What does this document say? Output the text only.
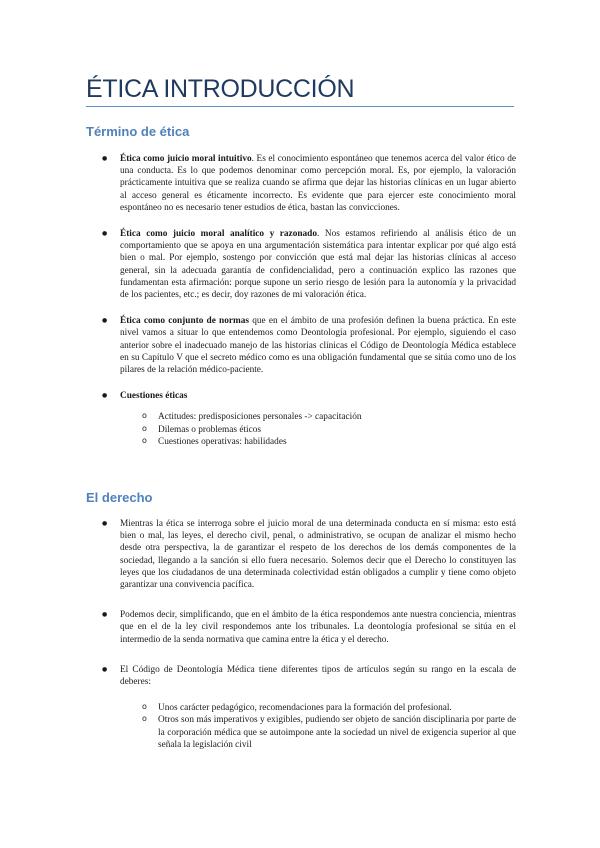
ÉTICA INTRODUCCIÓN
Término de ética
● Ética como juicio moral intuitivo. Es el conocimiento espontáneo que tenemos acerca del valor ético de una conducta. Es lo que podemos denominar como percepción moral. Es, por ejemplo, la valoración prácticamente intuitiva que se realiza cuando se afirma que dejar las historias clínicas en un lugar abierto al acceso general es éticamente incorrecto. Es evidente que para ejercer este conocimiento moral espontáneo no es necesario tener estudios de ética, bastan las convicciones.
● Ética como juicio moral analítico y razonado. Nos estamos refiriendo al análisis ético de un comportamiento que se apoya en una argumentación sistemática para intentar explicar por qué algo está bien o mal. Por ejemplo, sostengo por convicción que está mal dejar las historias clínicas al acceso general, sin la adecuada garantía de confidencialidad, pero a continuación explico las razones que fundamentan esta afirmación: porque supone un serio riesgo de lesión para la autonomía y la privacidad de los pacientes, etc.; es decir, doy razones de mi valoración ética.
● Ética como conjunto de normas que en el ámbito de una profesión definen la buena práctica. En este nivel vamos a situar lo que entendemos como Deontología profesional. Por ejemplo, siguiendo el caso anterior sobre el inadecuado manejo de las historias clínicas el Código de Deontología Médica establece en su Capítulo V que el secreto médico como es una obligación fundamental que se sitúa como uno de los pilares de la relación médico-paciente.
● Cuestiones éticas
o Actitudes: predisposiciones personales -> capacitación
o Dilemas o problemas éticos
o Cuestiones operativas: habilidades
El derecho
● Mientras la ética se interroga sobre el juicio moral de una determinada conducta en sí misma: esto está bien o mal, las leyes, el derecho civil, penal, o administrativo, se ocupan de analizar el mismo hecho desde otra perspectiva, la de garantizar el respeto de los derechos de los demás componentes de la sociedad, llegando a la sanción si ello fuera necesario. Solemos decir que el Derecho lo constituyen las leyes que los ciudadanos de una determinada colectividad están obligados a cumplir y tiene como objeto garantizar una convivencia pacífica.
● Podemos decir, simplificando, que en el ámbito de la ética respondemos ante nuestra conciencia, mientras que en el de la ley civil respondemos ante los tribunales. La deontología profesional se sitúa en el intermedio de la senda normativa que camina entre la ética y el derecho.
● El Código de Deontología Médica tiene diferentes tipos de artículos según su rango en la escala de deberes:
o Unos carácter pedagógico, recomendaciones para la formación del profesional.
o Otros son más imperativos y exigibles, pudiendo ser objeto de sanción disciplinaria por parte de la corporación médica que se autoimpone ante la sociedad un nivel de exigencia superior al que señala la legislación civil
